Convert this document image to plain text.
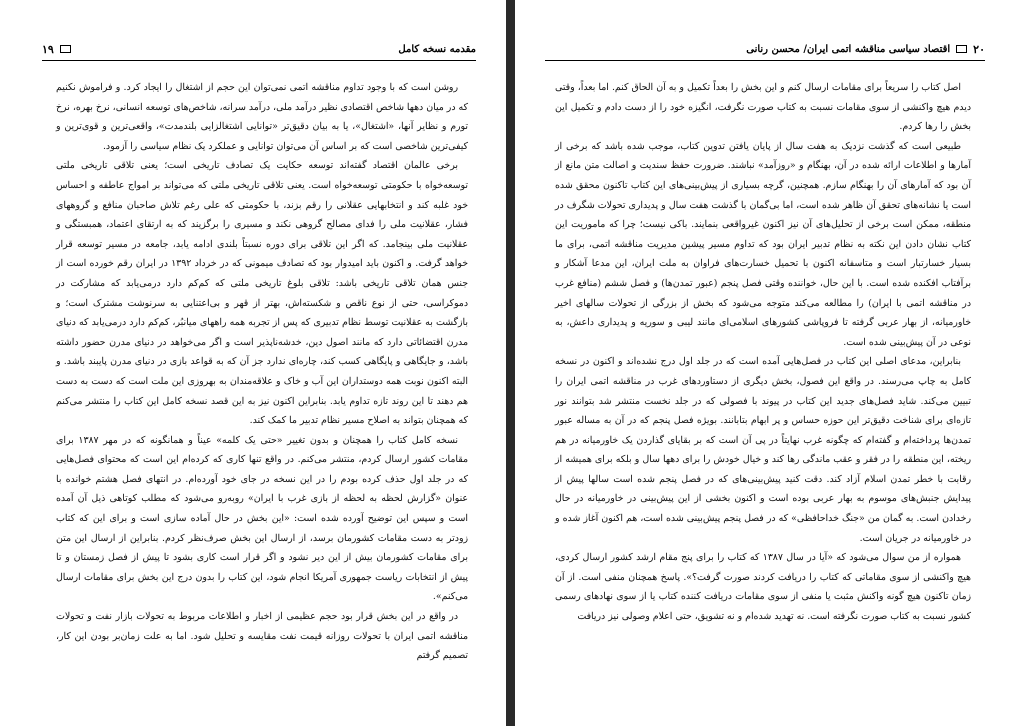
مقدمه نسخه کامل
۱۹

روشن است که با وجود تداوم مناقشه اتمی نمی‌توان این حجم از اشتغال را ایجاد کرد. و فراموش نکنیم که در میان دهها شاخص اقتصادی نظیر درآمد ملی، درآمد سرانه، شاخص‌های توسعه انسانی، نرخ بهره، نرخ تورم و نظایر آنها، «اشتغال»، یا به بیان دقیق‌تر «توانایی اشتغالزایی بلندمدت»، واقعی‌ترین و قوی‌ترین و کیفی‌ترین شاخصی است که بر اساس آن می‌توان توانایی و عملکرد یک نظام سیاسی را آزمود.

برخی عالمان اقتصاد گفته‌اند توسعه حکایت یک تصادف تاریخی است؛ یعنی تلاقی تاریخی ملتی توسعه‌خواه با حکومتی توسعه‌خواه است. یعنی تلاقی تاریخی ملتی که می‌تواند بر امواج عاطفه و احساس خود غلبه کند و انتخابهایی عقلانی را رقم بزند، با حکومتی که علی رغم تلاش صاحبان منافع و گروههای فشار، عقلانیت ملی را فدای مصالح گروهی نکند و مسیری را برگزیند که به ارتقای اعتماد، همبستگی و عقلانیت ملی بینجامد. که اگر این تلاقی برای دوره نسبتاً بلندی ادامه یابد، جامعه در مسیر توسعه قرار خواهد گرفت. و اکنون باید امیدوار بود که تصادف میمونی که در خرداد ۱۳۹۲ در ایران رقم خورده است از جنس همان تلاقی تاریخی باشد: تلاقی بلوغ تاریخی ملتی که کم‌کم دارد درمی‌یابد که مشارکت در دموکراسی، حتی از نوع ناقص و شکسته‌اش، بهتر از قهر و بی‌اعتنایی به سرنوشت مشترک است؛ و بازگشت به عقلانیت توسط نظام تدبیری که پس از تجربه همه راههای میانبُر، کم‌کم دارد درمی‌یابد که دنیای مدرن اقتضائاتی دارد که مانند اصول دین، خدشه‌ناپذیر است و اگر می‌خواهد در دنیای مدرن حضور داشته باشد، و جایگاهی و پایگاهی کسب کند، چاره‌ای ندارد جز آن که به قواعد بازی در دنیای مدرن پایبند باشد. و البته اکنون نوبت همه دوستداران این آب و خاک و علاقه‌مندان به بهروزی این ملت است که دست به دست هم دهند تا این روند تازه تداوم یابد. بنابراین اکنون نیز به این قصد نسخه کامل این کتاب را منتشر می‌کنم که همچنان بتواند به اصلاح مسیر نظام تدبیر ما کمک کند.

نسخه کامل کتاب را همچنان و بدون تغییر «حتی یک کلمه» عیناً و همانگونه که در مهر ۱۳۸۷ برای مقامات کشور ارسال کردم، منتشر می‌کنم. در واقع تنها کاری که کرده‌ام این است که محتوای فصل‌هایی که در جلد اول حذف کرده بودم را در این نسخه در جای خود آورده‌ام. در انتهای فصل هشتم خوانده با عنوان «گزارش لحظه به لحظه از بازی غرب با ایران» روبه‌رو می‌شود که مطلب کوتاهی ذیل آن آمده است و سپس این توضیح آورده شده است: «این بخش در حال آماده سازی است و برای این که کتاب زودتر به دست مقامات کشورمان برسد، از ارسال این بخش صرف‌نظر کردم. بنابراین از ارسال این متن برای مقامات کشورمان بیش از این دیر نشود و اگر قرار است کاری بشود تا پیش از فصل زمستان و تا پیش از انتخابات ریاست جمهوری آمریکا انجام شود، این کتاب را بدون درج این بخش برای مقامات ارسال می‌کنم».

در واقع در این بخش قرار بود حجم عظیمی از اخبار و اطلاعات مربوط به تحولات بازار نفت و تحولات مناقشه اتمی ایران با تحولات روزانه قیمت نفت مقایسه و تحلیل شود. اما به علت زمان‌بر بودن این کار، تصمیم گرفتم

۲۰
اقتصاد سیاسی مناقشه اتمی ایران/ محسن رنانی

اصل کتاب را سریعاً برای مقامات ارسال کنم و این بخش را بعداً تکمیل و به آن الحاق کنم. اما بعداً، وقتی دیدم هیچ واکنشی از سوی مقامات نسبت به کتاب صورت نگرفت، انگیزه خود را از دست دادم و تکمیل این بخش را رها کردم.

طبیعی است که گذشت نزدیک به هفت سال از پایان یافتن تدوین کتاب، موجب شده باشد که برخی از آمارها و اطلاعات ارائه شده در آن، بهنگام و «روزآمد» نباشند. ضرورت حفظ سندیت و اصالت متن مانع از آن بود که آمارهای آن را بهنگام سازم. همچنین، گرچه بسیاری از پیش‌بینی‌های این کتاب تاکنون محقق شده است یا نشانه‌های تحقق آن ظاهر شده است، اما بی‌گمان با گذشت هفت سال و پدیداری تحولات شگرف در منطقه، ممکن است برخی از تحلیل‌های آن نیز اکنون غیرواقعی بنمایند. باکی نیست؛ چرا که ماموریت این کتاب نشان دادن این نکته به نظام تدبیر ایران بود که تداوم مسیر پیشین مدیریت مناقشه اتمی، برای ما بسیار خسارتبار است و متاسفانه اکنون با تحمیل خسارت‌های فراوان به ملت ایران، این مدعا آشکار و برآفتاب افکنده شده است. با این حال، خواننده وقتی فصل پنجم (عبور تمدن‌ها) و فصل ششم (منافع غرب در مناقشه اتمی با ایران) را مطالعه می‌کند متوجه می‌شود که بخش از بزرگی از تحولات سالهای اخیر خاورمیانه، از بهار عربی گرفته تا فروپاشی کشورهای اسلامی‌ای مانند لیبی و سوریه و پدیداری داعش، به نوعی در آن پیش‌بینی شده است.

بنابراین، مدعای اصلی این کتاب در فصل‌هایی آمده است که در جلد اول درج نشده‌اند و اکنون در نسخه کامل به چاپ می‌رسند. در واقع این فصول، بخش دیگری از دستاوردهای غرب در مناقشه اتمی ایران را تبیین می‌کند. شاید فصل‌های جدید این کتاب در پیوند با فصولی که در جلد نخست منتشر شد بتوانند نور تازه‌ای برای شناخت دقیق‌تر این حوزه حساس و پر ابهام بتابانند. بویژه فصل پنجم که در آن به مساله عبور تمدن‌ها پرداخته‌ام و گفته‌ام که چگونه غرب نهایتاً در پی آن است که بر بقایای گذاردن یک خاورمیانه در هم ریخته، این منطقه را در فقر و عقب ماندگی رها کند و خیال خودش را برای دهها سال و بلکه برای همیشه از رقابت با خطر تمدن اسلام آزاد کند. دقت کنید پیش‌بینی‌های که در فصل پنجم شده است سالها پیش از پیدایش جنبش‌های موسوم به بهار عربی بوده است و اکنون بخشی از این پیش‌بینی در خاورمیانه در حال رخدادن است. به گمان من «جنگ خداحافظی» که در فصل پنجم پیش‌بینی شده است، هم اکنون آغاز شده و در خاورمیانه در جریان است.

همواره از من سوال می‌شود که «آیا در سال ۱۳۸۷ که کتاب را برای پنج مقام ارشد کشور ارسال کردی، هیچ واکنشی از سوی مقاماتی که کتاب را دریافت کردند صورت گرفت؟». پاسخ همچنان منفی است. از آن زمان تاکنون هیچ گونه واکنش مثبت یا منفی از سوی مقامات دریافت کننده کتاب یا از سوی نهادهای رسمی کشور نسبت به کتاب صورت نگرفته است. نه تهدید شده‌ام و نه تشویق، حتی اعلام وصولی نیز دریافت
